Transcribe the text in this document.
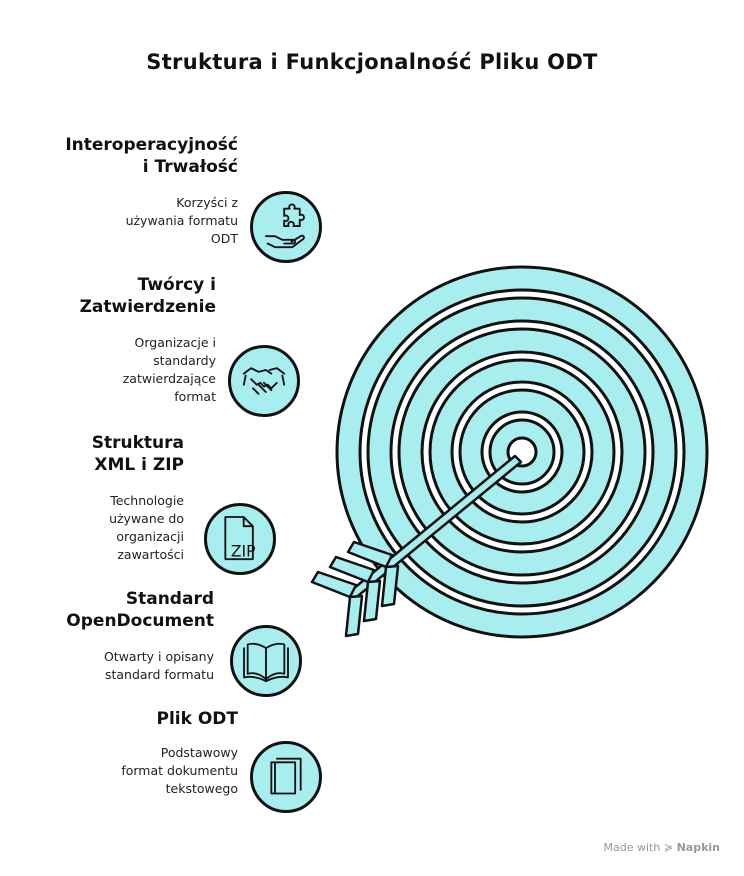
Struktura i Funkcjonalność Pliku ODT
Interoperacyjność
i Trwałość
Korzyści z
używania formatu
ODT
Twórcy i
Zatwierdzenie
Organizacje i
standardy
zatwierdzające
format
Struktura
XML i ZIP
Technologie
używane do
organizacji
zawartości	ZIP
Standard
OpenDocument
Otwarty i opisany
standard formatu
Plik ODT
Podstawowy
format dokumentu
tekstowego
Made with ≽ Napkin
